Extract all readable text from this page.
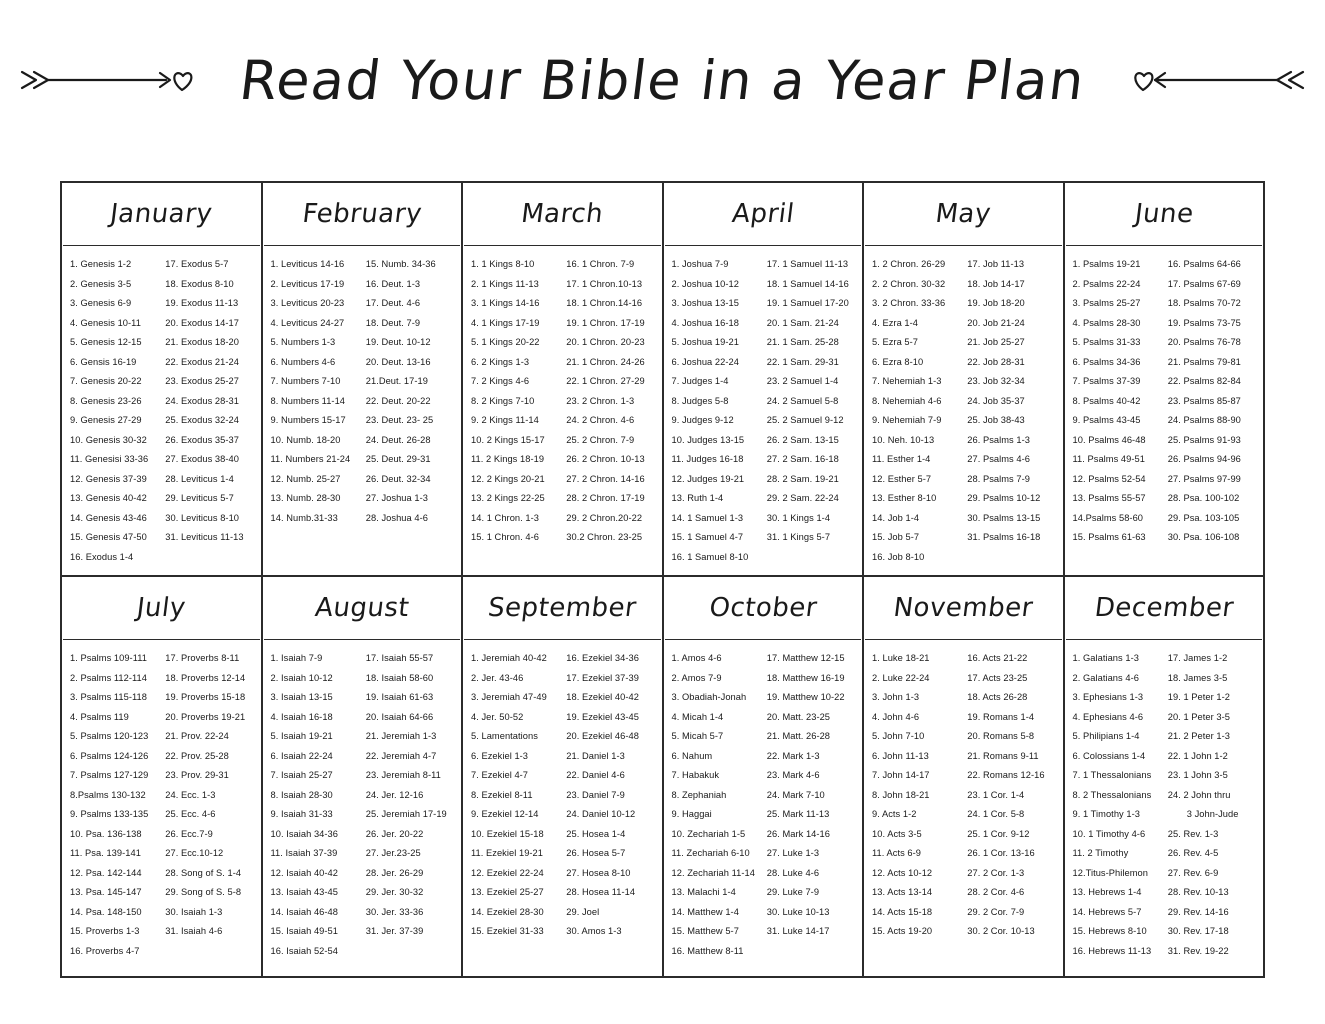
Read Your Bible in a Year Plan
January
1. Genesis 1-2
2. Genesis 3-5
3. Genesis 6-9
4. Genesis 10-11
5. Genesis 12-15
6. Gensis 16-19
7. Genesis 20-22
8. Genesis 23-26
9. Genesis 27-29
10. Genesis 30-32
11. Genesisi 33-36
12. Genesis 37-39
13. Genesis 40-42
14. Genesis 43-46
15. Genesis 47-50
16. Exodus 1-4
17. Exodus 5-7
18. Exodus 8-10
19. Exodus 11-13
20. Exodus 14-17
21. Exodus 18-20
22. Exodus 21-24
23. Exodus 25-27
24. Exodus 28-31
25. Exodus 32-24
26. Exodus 35-37
27. Exodus 38-40
28. Leviticus 1-4
29. Leviticus 5-7
30. Leviticus 8-10
31. Leviticus 11-13
February
1. Leviticus 14-16
2. Leviticus 17-19
3. Leviticus 20-23
4. Leviticus 24-27
5. Numbers 1-3
6. Numbers 4-6
7. Numbers 7-10
8. Numbers 11-14
9. Numbers 15-17
10. Numb. 18-20
11. Numbers 21-24
12. Numb. 25-27
13. Numb. 28-30
14. Numb.31-33
15. Numb. 34-36
16. Deut. 1-3
17. Deut. 4-6
18. Deut. 7-9
19. Deut. 10-12
20. Deut. 13-16
21.Deut. 17-19
22. Deut. 20-22
23. Deut. 23- 25
24. Deut. 26-28
25. Deut. 29-31
26. Deut. 32-34
27. Joshua 1-3
28. Joshua 4-6
March
1. 1 Kings 8-10
2. 1 Kings 11-13
3. 1 Kings 14-16
4. 1 Kings 17-19
5. 1 Kings 20-22
6. 2 Kings 1-3
7. 2 Kings 4-6
8. 2 Kings 7-10
9. 2 Kings 11-14
10. 2 Kings 15-17
11. 2 Kings 18-19
12. 2 Kings 20-21
13. 2 Kings 22-25
14. 1 Chron. 1-3
15. 1 Chron. 4-6
16. 1 Chron. 7-9
17. 1 Chron.10-13
18. 1 Chron.14-16
19. 1 Chron. 17-19
20. 1 Chron. 20-23
21. 1 Chron. 24-26
22. 1 Chron. 27-29
23. 2 Chron. 1-3
24. 2 Chron. 4-6
25. 2 Chron. 7-9
26. 2 Chron. 10-13
27. 2 Chron. 14-16
28. 2 Chron. 17-19
29. 2 Chron.20-22
30.2 Chron. 23-25
April
1. Joshua 7-9
2. Joshua 10-12
3. Joshua 13-15
4. Joshua 16-18
5. Joshua 19-21
6. Joshua 22-24
7. Judges 1-4
8. Judges 5-8
9. Judges 9-12
10. Judges 13-15
11. Judges 16-18
12. Judges 19-21
13. Ruth 1-4
14. 1 Samuel 1-3
15. 1 Samuel 4-7
16. 1 Samuel 8-10
17. 1 Samuel 11-13
18. 1 Samuel 14-16
19. 1 Samuel 17-20
20. 1 Sam. 21-24
21. 1 Sam. 25-28
22. 1 Sam. 29-31
23. 2 Samuel 1-4
24. 2 Samuel 5-8
25. 2 Samuel 9-12
26. 2 Sam. 13-15
27. 2 Sam. 16-18
28. 2 Sam. 19-21
29. 2 Sam. 22-24
30. 1 Kings 1-4
31. 1 Kings 5-7
May
1. 2 Chron. 26-29
2. 2 Chron. 30-32
3. 2 Chron. 33-36
4. Ezra 1-4
5. Ezra 5-7
6. Ezra 8-10
7. Nehemiah 1-3
8. Nehemiah 4-6
9. Nehemiah 7-9
10. Neh. 10-13
11. Esther 1-4
12. Esther 5-7
13. Esther 8-10
14. Job 1-4
15. Job 5-7
16. Job 8-10
17. Job 11-13
18. Job 14-17
19. Job 18-20
20. Job 21-24
21. Job 25-27
22. Job 28-31
23. Job 32-34
24. Job 35-37
25. Job 38-43
26. Psalms 1-3
27. Psalms 4-6
28. Psalms 7-9
29. Psalms 10-12
30. Psalms 13-15
31. Psalms 16-18
June
1. Psalms 19-21
2. Psalms 22-24
3. Psalms 25-27
4. Psalms 28-30
5. Psalms 31-33
6. Psalms 34-36
7. Psalms 37-39
8. Psalms 40-42
9. Psalms 43-45
10. Psalms 46-48
11. Psalms 49-51
12. Psalms 52-54
13. Psalms 55-57
14.Psalms 58-60
15. Psalms 61-63
16. Psalms 64-66
17. Psalms 67-69
18. Psalms 70-72
19. Psalms 73-75
20. Psalms 76-78
21. Psalms 79-81
22. Psalms 82-84
23. Psalms 85-87
24. Psalms 88-90
25. Psalms 91-93
26. Psalms 94-96
27. Psalms 97-99
28. Psa. 100-102
29. Psa. 103-105
30. Psa. 106-108
July
1. Psalms 109-111
2. Psalms 112-114
3. Psalms 115-118
4. Psalms 119
5. Psalms 120-123
6. Psalms 124-126
7. Psalms 127-129
8.Psalms 130-132
9. Psalms 133-135
10. Psa. 136-138
11. Psa. 139-141
12. Psa. 142-144
13. Psa. 145-147
14. Psa. 148-150
15. Proverbs 1-3
16. Proverbs 4-7
17. Proverbs 8-11
18. Proverbs 12-14
19. Proverbs 15-18
20. Proverbs 19-21
21. Prov. 22-24
22. Prov. 25-28
23. Prov. 29-31
24. Ecc. 1-3
25. Ecc. 4-6
26. Ecc.7-9
27. Ecc.10-12
28. Song of S. 1-4
29. Song of S. 5-8
30. Isaiah 1-3
31. Isaiah 4-6
August
1. Isaiah 7-9
2. Isaiah 10-12
3. Isaiah 13-15
4. Isaiah 16-18
5. Isaiah 19-21
6. Isaiah 22-24
7. Isaiah 25-27
8. Isaiah 28-30
9. Isaiah 31-33
10. Isaiah 34-36
11. Isaiah 37-39
12. Isaiah 40-42
13. Isaiah 43-45
14. Isaiah 46-48
15. Isaiah 49-51
16. Isaiah 52-54
17. Isaiah 55-57
18. Isaiah 58-60
19. Isaiah 61-63
20. Isaiah 64-66
21. Jeremiah 1-3
22. Jeremiah 4-7
23. Jeremiah 8-11
24. Jer. 12-16
25. Jeremiah 17-19
26. Jer. 20-22
27. Jer.23-25
28. Jer. 26-29
29. Jer. 30-32
30. Jer. 33-36
31. Jer. 37-39
September
1. Jeremiah 40-42
2. Jer. 43-46
3. Jeremiah 47-49
4. Jer. 50-52
5. Lamentations
6. Ezekiel 1-3
7. Ezekiel 4-7
8. Ezekiel 8-11
9. Ezekiel 12-14
10. Ezekiel 15-18
11. Ezekiel 19-21
12. Ezekiel 22-24
13. Ezekiel 25-27
14. Ezekiel 28-30
15. Ezekiel 31-33
16. Ezekiel 34-36
17. Ezekiel 37-39
18. Ezekiel 40-42
19. Ezekiel 43-45
20. Ezekiel 46-48
21. Daniel 1-3
22. Daniel 4-6
23. Daniel 7-9
24. Daniel 10-12
25. Hosea 1-4
26. Hosea 5-7
27. Hosea 8-10
28. Hosea 11-14
29. Joel
30. Amos 1-3
October
1. Amos 4-6
2. Amos 7-9
3. Obadiah-Jonah
4. Micah 1-4
5. Micah 5-7
6. Nahum
7. Habakuk
8. Zephaniah
9. Haggai
10. Zechariah 1-5
11. Zechariah 6-10
12. Zechariah 11-14
13. Malachi 1-4
14. Matthew 1-4
15. Matthew 5-7
16. Matthew 8-11
17. Matthew 12-15
18. Matthew 16-19
19. Matthew 10-22
20. Matt. 23-25
21. Matt. 26-28
22. Mark 1-3
23. Mark 4-6
24. Mark 7-10
25. Mark 11-13
26. Mark 14-16
27. Luke 1-3
28. Luke 4-6
29. Luke 7-9
30. Luke 10-13
31. Luke 14-17
November
1. Luke 18-21
2. Luke 22-24
3. John 1-3
4. John 4-6
5. John 7-10
6. John 11-13
7. John 14-17
8. John 18-21
9. Acts 1-2
10. Acts 3-5
11. Acts 6-9
12. Acts 10-12
13. Acts 13-14
14. Acts 15-18
15. Acts 19-20
16. Acts 21-22
17. Acts 23-25
18. Acts 26-28
19. Romans 1-4
20. Romans 5-8
21. Romans 9-11
22. Romans 12-16
23. 1 Cor. 1-4
24. 1 Cor. 5-8
25. 1 Cor. 9-12
26. 1 Cor. 13-16
27. 2 Cor. 1-3
28. 2 Cor. 4-6
29. 2 Cor. 7-9
30. 2 Cor. 10-13
December
1. Galatians 1-3
2. Galatians 4-6
3. Ephesians 1-3
4. Ephesians 4-6
5. Philipians 1-4
6. Colossians 1-4
7. 1 Thessalonians
8. 2 Thessalonians
9. 1 Timothy 1-3
10. 1 Timothy 4-6
11. 2 Timothy
12.Titus-Philemon
13. Hebrews 1-4
14. Hebrews 5-7
15. Hebrews 8-10
16. Hebrews 11-13
17. James 1-2
18. James 3-5
19. 1 Peter 1-2
20. 1 Peter 3-5
21. 2 Peter 1-3
22. 1 John 1-2
23. 1 John 3-5
24. 2 John thru
3 John-Jude
25. Rev. 1-3
26. Rev. 4-5
27. Rev. 6-9
28. Rev. 10-13
29. Rev. 14-16
30. Rev. 17-18
31. Rev. 19-22
